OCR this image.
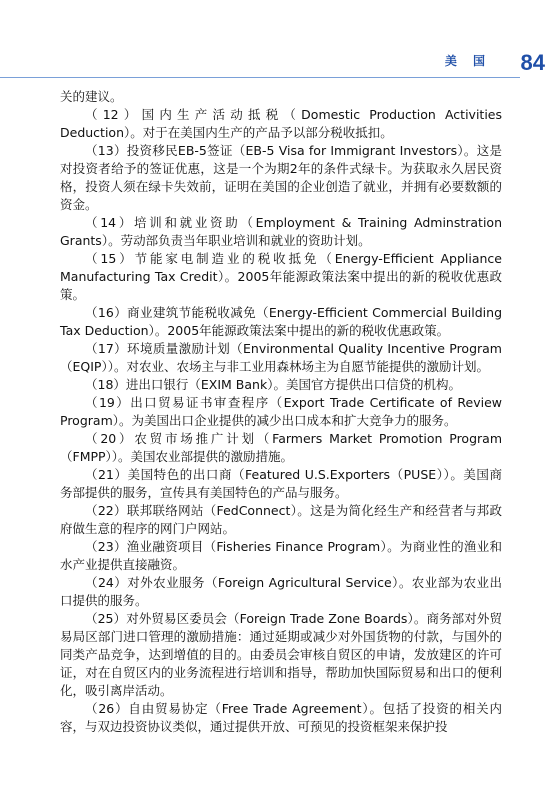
美 国 84

关的建议。

（12）国内生产活动抵税（Domestic Production Activities Deduction）。对于在美国内生产的产品予以部分税收抵扣。

（13）投资移民EB-5签证（EB-5 Visa for Immigrant Investors）。这是对投资者给予的签证优惠，这是一个为期2年的条件式绿卡。为获取永久居民资格，投资人须在绿卡失效前，证明在美国的企业创造了就业，并拥有必要数额的资金。

（14）培训和就业资助（Employment & Training Adminstration Grants）。劳动部负责当年职业培训和就业的资助计划。

（15）节能家电制造业的税收抵免（Energy-Efficient Appliance Manufacturing Tax Credit）。2005年能源政策法案中提出的新的税收优惠政策。

（16）商业建筑节能税收减免（Energy-Efficient Commercial Building Tax Deduction）。2005年能源政策法案中提出的新的税收优惠政策。

（17）环境质量激励计划（Environmental Quality Incentive Program（EQIP））。对农业、农场主与非工业用森林场主为自愿节能提供的激励计划。

（18）进出口银行（EXIM Bank）。美国官方提供出口信贷的机构。

（19）出口贸易证书审查程序（Export Trade Certificate of Review Program）。为美国出口企业提供的减少出口成本和扩大竞争力的服务。

（20）农贸市场推广计划（Farmers Market Promotion Program（FMPP））。美国农业部提供的激励措施。

（21）美国特色的出口商（Featured U.S.Exporters（PUSE））。美国商务部提供的服务，宣传具有美国特色的产品与服务。

（22）联邦联络网站（FedConnect）。这是为简化经生产和经营者与邦政府做生意的程序的网门户网站。

（23）渔业融资项目（Fisheries Finance Program）。为商业性的渔业和水产业提供直接融资。

（24）对外农业服务（Foreign Agricultural Service）。农业部为农业出口提供的服务。

（25）对外贸易区委员会（Foreign Trade Zone Boards）。商务部对外贸易局区部门进口管理的激励措施：通过延期或减少对外国货物的付款，与国外的同类产品竞争，达到增值的目的。由委员会审核自贸区的申请，发放建区的许可证，对在自贸区内的业务流程进行培训和指导，帮助加快国际贸易和出口的便利化，吸引离岸活动。

（26）自由贸易协定（Free Trade Agreement）。包括了投资的相关内容，与双边投资协议类似，通过提供开放、可预见的投资框架来保护投
